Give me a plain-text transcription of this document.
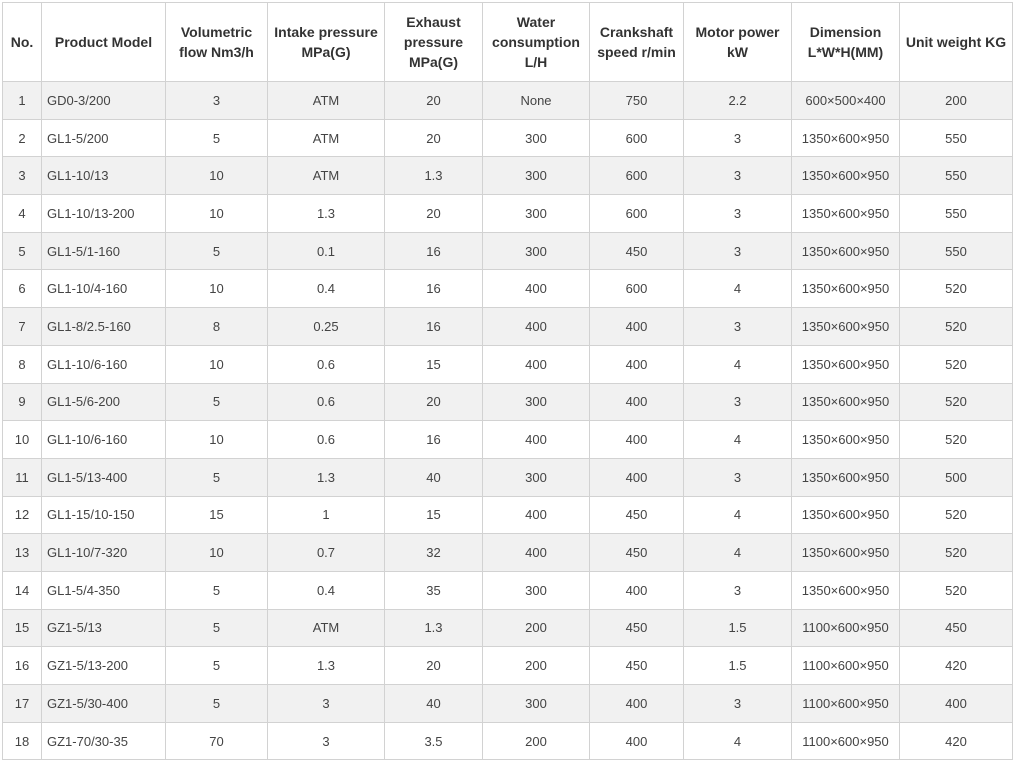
No.	Product Model	Volumetric flow Nm3/h	Intake pressure MPa(G)	Exhaust pressure MPa(G)	Water consumption L/H	Crankshaft speed r/min	Motor power kW	Dimension L*W*H(MM)	Unit weight KG
1	GD0-3/200	3	ATM	20	None	750	2.2	600×500×400	200
2	GL1-5/200	5	ATM	20	300	600	3	1350×600×950	550
3	GL1-10/13	10	ATM	1.3	300	600	3	1350×600×950	550
4	GL1-10/13-200	10	1.3	20	300	600	3	1350×600×950	550
5	GL1-5/1-160	5	0.1	16	300	450	3	1350×600×950	550
6	GL1-10/4-160	10	0.4	16	400	600	4	1350×600×950	520
7	GL1-8/2.5-160	8	0.25	16	400	400	3	1350×600×950	520
8	GL1-10/6-160	10	0.6	15	400	400	4	1350×600×950	520
9	GL1-5/6-200	5	0.6	20	300	400	3	1350×600×950	520
10	GL1-10/6-160	10	0.6	16	400	400	4	1350×600×950	520
11	GL1-5/13-400	5	1.3	40	300	400	3	1350×600×950	500
12	GL1-15/10-150	15	1	15	400	450	4	1350×600×950	520
13	GL1-10/7-320	10	0.7	32	400	450	4	1350×600×950	520
14	GL1-5/4-350	5	0.4	35	300	400	3	1350×600×950	520
15	GZ1-5/13	5	ATM	1.3	200	450	1.5	1100×600×950	450
16	GZ1-5/13-200	5	1.3	20	200	450	1.5	1100×600×950	420
17	GZ1-5/30-400	5	3	40	300	400	3	1100×600×950	400
18	GZ1-70/30-35	70	3	3.5	200	400	4	1100×600×950	420
